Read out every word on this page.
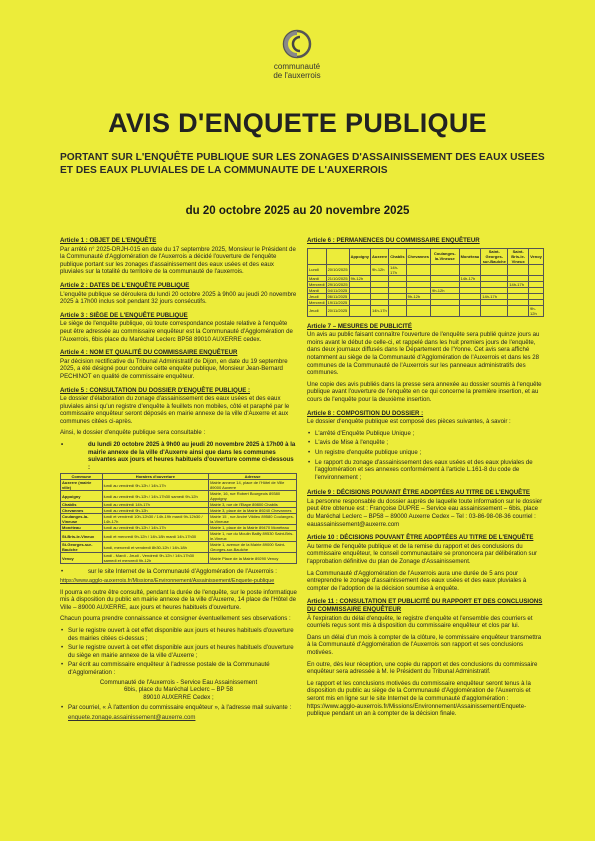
communauté
de l'auxerrois
AVIS D'ENQUETE PUBLIQUE
PORTANT SUR L'ENQUÊTE PUBLIQUE SUR LES ZONAGES D'ASSAINISSEMENT DES EAUX USEES ET DES EAUX PLUVIALES DE LA COMMUNAUTE DE L'AUXERROIS
du 20 octobre 2025 au 20 novembre 2025
Article 1 : OBJET DE L'ENQUÊTE
Par arrêté n° 2025-DRJH-015 en date du 17 septembre 2025, Monsieur le Président de la Communauté d'Agglomération de l'Auxerrois a décidé l'ouverture de l'enquête publique portant sur les zonages d'assainissement des eaux usées et des eaux pluviales sur la totalité du territoire de la communauté de l'auxerrois.
Article 2 : DATES DE L'ENQUÊTE PUBLIQUE
L'enquête publique se déroulera du lundi 20 octobre 2025 à 9h00 au jeudi 20 novembre 2025 à 17h00 inclus soit pendant 32 jours consécutifs.
Article 3 : SIÈGE DE L'ENQUÊTE PUBLIQUE
Le siège de l'enquête publique, où toute correspondance postale relative à l'enquête peut être adressée au commissaire enquêteur est la Communauté d'Agglomération de l'Auxerrois, 6bis place du Maréchal Leclerc BP58 89010 AUXERRE cedex.
Article 4 : NOM ET QUALITÉ DU COMMISSAIRE ENQUÊTEUR
Par décision rectificative du Tribunal Administratif de Dijon, en date du 19 septembre 2025, a été désigné pour conduire cette enquête publique, Monsieur Jean-Bernard PECHINOT en qualité de commissaire enquêteur.
Article 5 : CONSULTATION DU DOSSIER D'ENQUÊTE PUBLIQUE :
Le dossier d'élaboration du zonage d'assainissement des eaux usées et des eaux pluviales ainsi qu'un registre d'enquête à feuillets non mobiles, côté et paraphé par le commissaire enquêteur seront déposés en mairie annexe de la ville d'Auxerre et aux communes citées ci-après.
Ainsi, le dossier d'enquête publique sera consultable :
• du lundi 20 octobre 2025 à 9h00 au jeudi 20 novembre 2025 à 17h00 à la mairie annexe de la ville d'Auxerre ainsi que dans les communes suivantes aux jours et heures habituels d'ouverture comme ci-dessous :
Commune	Horaires d'ouverture	Adresse
Auxerre (mairie ville)	lundi au vendredi 9h-12h / 14h-17h	Mairie annexe 14, place de l'Hôtel de Ville 89000 Auxerre
Appoigny	lundi au vendredi 9h-12h / 14h-17h30 samedi 9h-12h	Mairie, 16, rue Robert Bourgeois 89380 Appoigny
Chablis	lundi au vendredi 14h-17h	Mairie 3, rue de l'Etape 89800 Chablis
Chevannes	lundi au vendredi 9h-12h	Mairie 3, place de la Mairie 89240 Chevannes
Coulanges-la-Vineuse	lundi et vendredi 10h-12h30 / 14h-19h mardi 9h-12h30 / 14h-17h	Mairie 15 , rue André Vildieu 89580 Coulanges-la-Vineuse
Monéteau	lundi au vendredi 9h-12h / 14h-17h	Mairie 1, place de la Mairie 89470 Monéteau
St-Bris-le-Vineux	lundi et mercredi 9h-12h / 14h-18h mardi 14h-17h30	Mairie 1, rue du Moulin Bailly 89530 Saint-Bris-le-Vineux
St-Georges-sur-Baulche	lundi, mercredi et vendredi 8h30-12h / 14h-18h	Mairie 1, avenue de la Mairie 89000 Saint-Georges-sur-Baulche
Venoy	lundi - Mardi - Jeudi - Vendredi 9h-12h / 14h-17h30 samedi et mercredi 9h-12h	Mairie Place de la Mairie 89290 Venoy
• sur le site Internet de la Communauté d'Agglomération de l'Auxerrois :
https://www.agglo-auxerrois.fr/Missions/Environnement/Assainissement/Enquete-publique
Il pourra en outre être consulté, pendant la durée de l'enquête, sur le poste informatique mis à disposition du public en mairie annexe de la ville d'Auxerre, 14 place de l'Hôtel de Ville – 89000 AUXERRE, aux jours et heures habituels d'ouverture.
Chacun pourra prendre connaissance et consigner éventuellement ses observations :
• Sur le registre ouvert à cet effet disponible aux jours et heures habituels d'ouverture des mairies citées ci-dessus ;
• Sur le registre ouvert à cet effet disponible aux jours et heures habituels d'ouverture du siège en mairie annexe de la ville d'Auxerre ;
• Par écrit au commissaire enquêteur à l'adresse postale de la Communauté d'Agglomération :
Communauté de l'Auxerrois - Service Eau Assainissement
6bis, place du Maréchal Leclerc – BP 58
89010 AUXERRE Cedex ;
• Par courriel, « À l'attention du commissaire enquêteur », à l'adresse mail suivante :
enquete.zonage.assainissement@auxerre.com
Article 6 : PERMANENCES DU COMMISSAIRE ENQUÊTEUR
		Appoigny	Auxerre	Chablis	Chevannes	Coulanges-la-Vineuse	Monéteau	Saint-Georges-sur-Baulche	Saint-Bris-le-Vineux	Venoy
Lundi	20/10/2025		9h-12h	14h-17h						
Mardi	21/10/2025	9h-12h					14h-17h			
Mercredi	29/10/2025								14h-17h	
Mardi	04/11/2025					9h-12h				
Jeudi	06/11/2025				9h-12h			14h-17h		
Mercredi	19/11/2025									
Jeudi	20/11/2025		14h-17h							9h-12h
Article 7 – MESURES DE PUBLICITÉ
Un avis au public faisant connaître l'ouverture de l'enquête sera publié quinze jours au moins avant le début de celle-ci, et rappelé dans les huit premiers jours de l'enquête, dans deux journaux diffusés dans le Département de l'Yonne. Cet avis sera affiché notamment au siège de la Communauté d'Agglomération de l'Auxerrois et dans les 28 communes de la Communauté de l'Auxerrois sur les panneaux administratifs des communes.
Une copie des avis publiés dans la presse sera annexée au dossier soumis à l'enquête publique avant l'ouverture de l'enquête en ce qui concerne la première insertion, et au cours de l'enquête pour la deuxième insertion.
Article 8 : COMPOSITION DU DOSSIER :
Le dossier d'enquête publique est composé des pièces suivantes, à savoir :
• L'arrêté d'Enquête Publique Unique ;
• L'avis de Mise à l'enquête ;
• Un registre d'enquête publique unique ;
• Le rapport du zonage d'assainissement des eaux usées et des eaux pluviales de l'agglomération et ses annexes conformément à l'article L.161-8 du code de l'environnement ;
Article 9 : DÉCISIONS POUVANT ÊTRE ADOPTÉES AU TITRE DE L'ENQUÊTE
La personne responsable du dossier auprès de laquelle toute information sur le dossier peut être obtenue est : Françoise DUPRE – Service eau assainissement – 6bis, place du Maréchal Leclerc – BP58 – 89000 Auxerre Cedex – Tel : 03-86-98-08-36 courriel : eauassainissement@auxerre.com
Article 10 : DÉCISIONS POUVANT ÊTRE ADOPTÉES AU TITRE DE L'ENQUÊTE
Au terme de l'enquête publique et de la remise du rapport et des conclusions du commissaire enquêteur, le conseil communautaire se prononcera par délibération sur l'approbation définitive du plan de Zonage d'Assainissement.
La Communauté d'Agglomération de l'Auxerrois aura une durée de 5 ans pour entreprendre le zonage d'assainissement des eaux usées et des eaux pluviales à compter de l'adoption de la décision soumise à enquête.
Article 11 : CONSULTATION ET PUBLICITÉ DU RAPPORT ET DES CONCLUSIONS DU COMMISSAIRE ENQUÊTEUR
À l'expiration du délai d'enquête, le registre d'enquête et l'ensemble des courriers et courriels reçus sont mis à disposition du commissaire enquêteur et clos par lui.
Dans un délai d'un mois à compter de la clôture, le commissaire enquêteur transmettra à la Communauté d'Agglomération de l'Auxerrois son rapport et ses conclusions motivées.
En outre, dès leur réception, une copie du rapport et des conclusions du commissaire enquêteur sera adressée à M. le Président du Tribunal Administratif.
Le rapport et les conclusions motivées du commissaire enquêteur seront tenus à la disposition du public au siège de la Communauté d'Agglomération de l'Auxerrois et seront mis en ligne sur le site Internet de la communauté d'agglomération : https://www.agglo-auxerrois.fr/Missions/Environnement/Assainissement/Enquete-publique pendant un an à compter de la décision finale.
